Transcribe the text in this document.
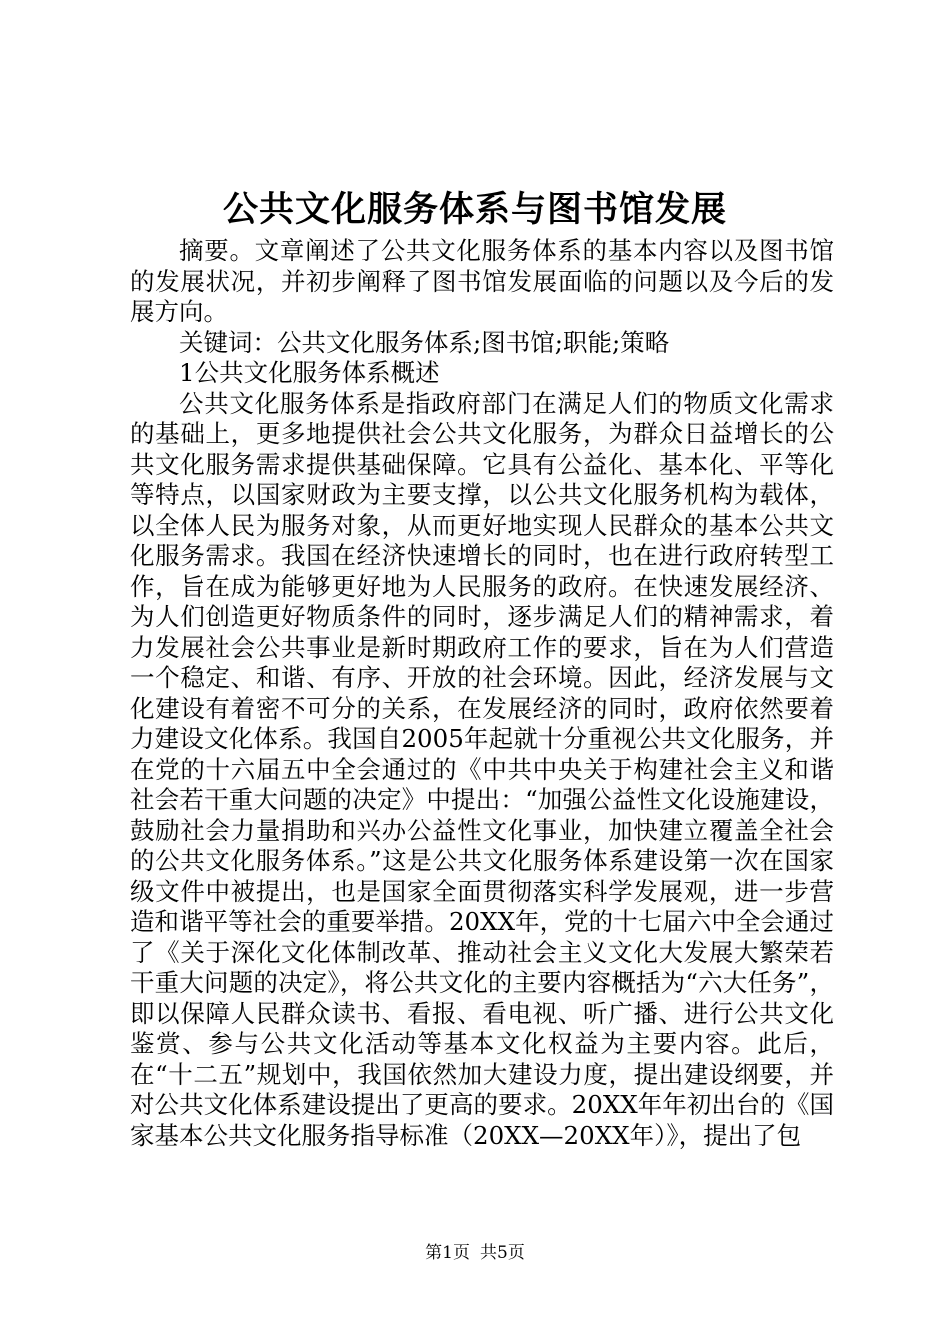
公共文化服务体系与图书馆发展

摘要。文章阐述了公共文化服务体系的基本内容以及图书馆的发展状况，并初步阐释了图书馆发展面临的问题以及今后的发展方向。

关键词：公共文化服务体系;图书馆;职能;策略

1公共文化服务体系概述

公共文化服务体系是指政府部门在满足人们的物质文化需求的基础上，更多地提供社会公共文化服务，为群众日益增长的公共文化服务需求提供基础保障。它具有公益化、基本化、平等化等特点，以国家财政为主要支撑，以公共文化服务机构为载体，以全体人民为服务对象，从而更好地实现人民群众的基本公共文化服务需求。我国在经济快速增长的同时，也在进行政府转型工作，旨在成为能够更好地为人民服务的政府。在快速发展经济、为人们创造更好物质条件的同时，逐步满足人们的精神需求，着力发展社会公共事业是新时期政府工作的要求，旨在为人们营造一个稳定、和谐、有序、开放的社会环境。因此，经济发展与文化建设有着密不可分的关系，在发展经济的同时，政府依然要着力建设文化体系。我国自2005年起就十分重视公共文化服务，并在党的十六届五中全会通过的《中共中央关于构建社会主义和谐社会若干重大问题的决定》中提出：“加强公益性文化设施建设，鼓励社会力量捐助和兴办公益性文化事业，加快建立覆盖全社会的公共文化服务体系。”这是公共文化服务体系建设第一次在国家级文件中被提出，也是国家全面贯彻落实科学发展观，进一步营造和谐平等社会的重要举措。20XX年，党的十七届六中全会通过了《关于深化文化体制改革、推动社会主义文化大发展大繁荣若干重大问题的决定》，将公共文化的主要内容概括为“六大任务”，即以保障人民群众读书、看报、看电视、听广播、进行公共文化鉴赏、参与公共文化活动等基本文化权益为主要内容。此后，在“十二五”规划中，我国依然加大建设力度，提出建设纲要，并对公共文化体系建设提出了更高的要求。20XX年年初出台的《国家基本公共文化服务指导标准（20XX—20XX年）》，提出了包

第1页 共5页
